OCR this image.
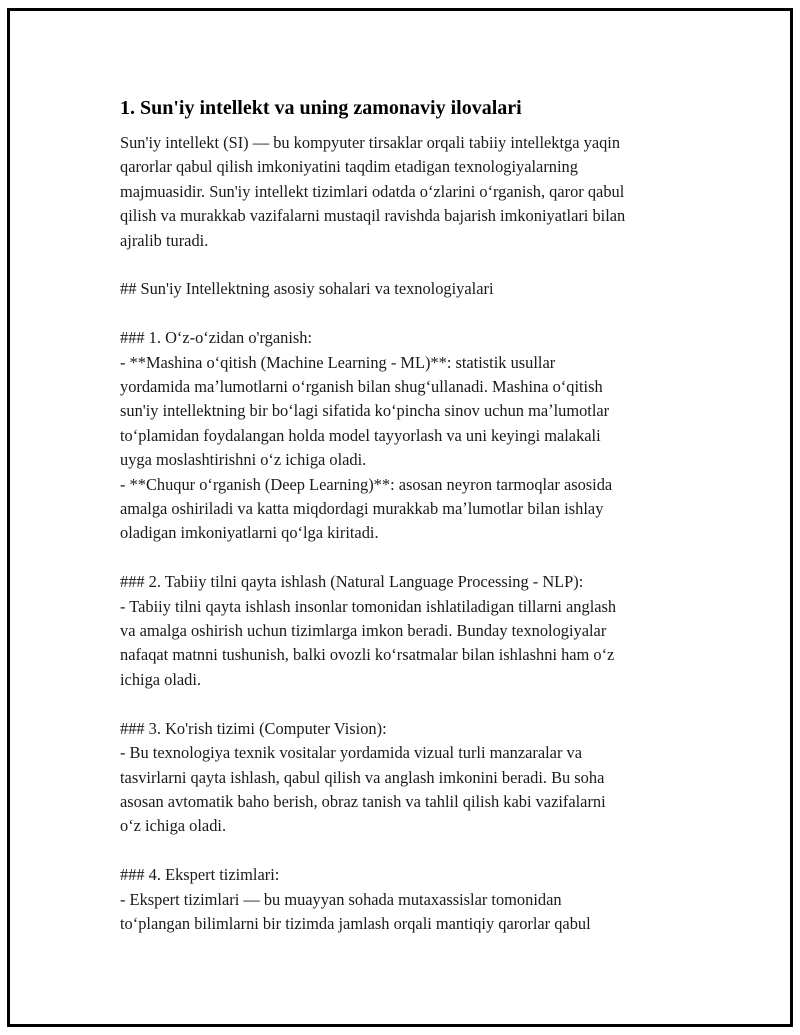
1. Sun'iy intellekt va uning zamonaviy ilovalari

Sun'iy intellekt (SI) — bu kompyuter tirsaklar orqali tabiiy intellektga yaqin
qarorlar qabul qilish imkoniyatini taqdim etadigan texnologiyalarning
majmuasidir. Sun'iy intellekt tizimlari odatda oʻzlarini oʻrganish, qaror qabul
qilish va murakkab vazifalarni mustaqil ravishda bajarish imkoniyatlari bilan
ajralib turadi.

## Sun'iy Intellektning asosiy sohalari va texnologiyalari

### 1. Oʻz-oʻzidan o'rganish:

- **Mashina oʻqitish (Machine Learning - ML)**: statistik usullar
yordamida maʼlumotlarni oʻrganish bilan shugʻullanadi. Mashina oʻqitish
sun'iy intellektning bir boʻlagi sifatida koʻpincha sinov uchun maʼlumotlar
toʻplamidan foydalangan holda model tayyorlash va uni keyingi malakali
uyga moslashtirishni oʻz ichiga oladi.
- **Chuqur oʻrganish (Deep Learning)**: asosan neyron tarmoqlar asosida
amalga oshiriladi va katta miqdordagi murakkab maʼlumotlar bilan ishlay
oladigan imkoniyatlarni qoʻlga kiritadi.

### 2. Tabiiy tilni qayta ishlash (Natural Language Processing - NLP):

- Tabiiy tilni qayta ishlash insonlar tomonidan ishlatiladigan tillarni anglash
va amalga oshirish uchun tizimlarga imkon beradi. Bunday texnologiyalar
nafaqat matnni tushunish, balki ovozli koʻrsatmalar bilan ishlashni ham oʻz
ichiga oladi.

### 3. Ko'rish tizimi (Computer Vision):

- Bu texnologiya texnik vositalar yordamida vizual turli manzaralar va
tasvirlarni qayta ishlash, qabul qilish va anglash imkonini beradi. Bu soha
asosan avtomatik baho berish, obraz tanish va tahlil qilish kabi vazifalarni
oʻz ichiga oladi.

### 4. Ekspert tizimlari:

- Ekspert tizimlari — bu muayyan sohada mutaxassislar tomonidan
toʻplangan bilimlarni bir tizimda jamlash orqali mantiqiy qarorlar qabul
